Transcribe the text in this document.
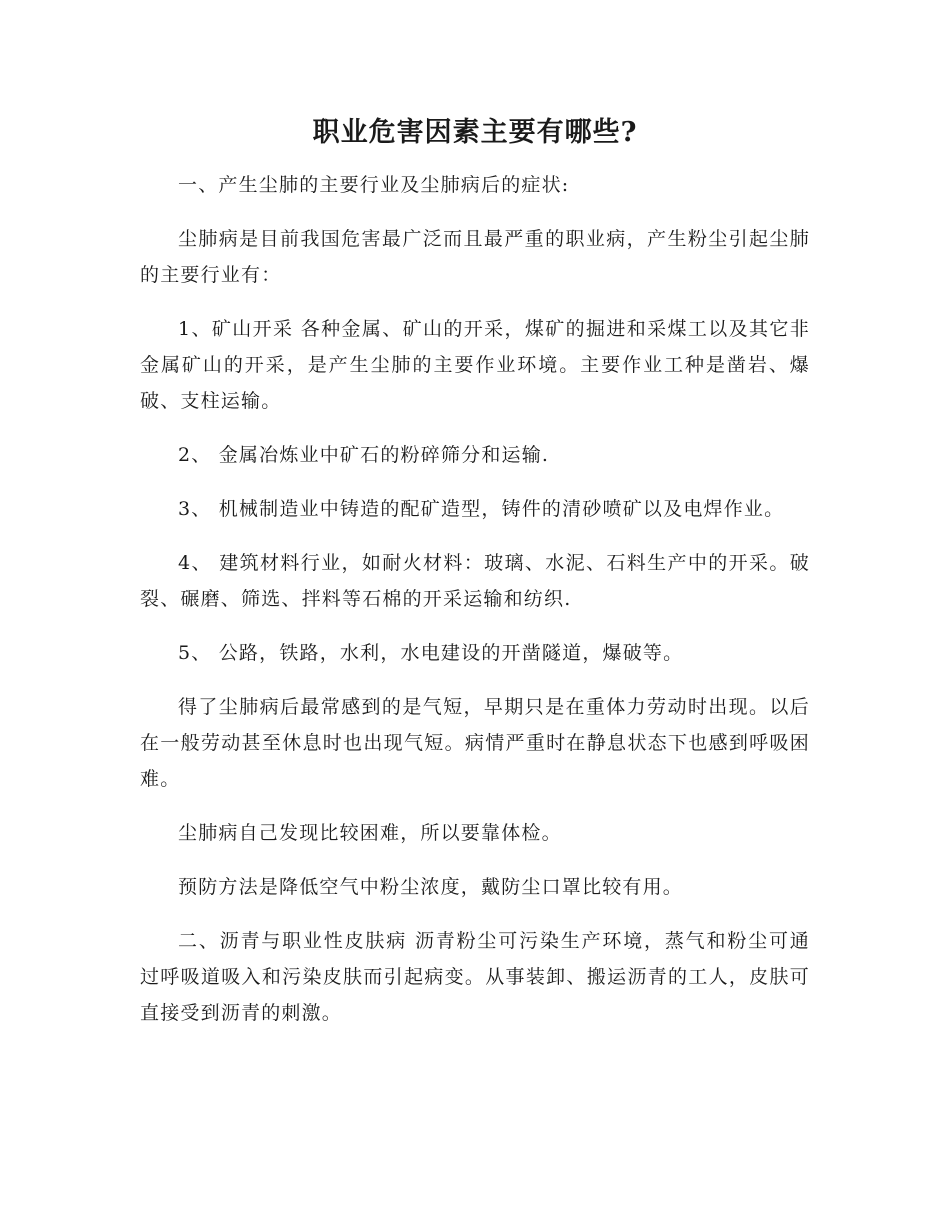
职业危害因素主要有哪些?

一、产生尘肺的主要行业及尘肺病后的症状:

尘肺病是目前我国危害最广泛而且最严重的职业病，产生粉尘引起尘肺的主要行业有：

1、矿山开采 各种金属、矿山的开采，煤矿的掘进和采煤工以及其它非金属矿山的开采，是产生尘肺的主要作业环境。主要作业工种是凿岩、爆破、支柱运输。

2、 金属冶炼业中矿石的粉碎筛分和运输.

3、 机械制造业中铸造的配矿造型，铸件的清砂喷矿以及电焊作业。

4、 建筑材料行业，如耐火材料：玻璃、水泥、石料生产中的开采。破裂、碾磨、筛选、拌料等石棉的开采运输和纺织.

5、 公路，铁路，水利，水电建设的开凿隧道，爆破等。

得了尘肺病后最常感到的是气短，早期只是在重体力劳动时出现。以后在一般劳动甚至休息时也出现气短。病情严重时在静息状态下也感到呼吸困难。

尘肺病自己发现比较困难，所以要靠体检。

预防方法是降低空气中粉尘浓度，戴防尘口罩比较有用。

二、沥青与职业性皮肤病 沥青粉尘可污染生产环境，蒸气和粉尘可通过呼吸道吸入和污染皮肤而引起病变。从事装卸、搬运沥青的工人，皮肤可直接受到沥青的刺激。
